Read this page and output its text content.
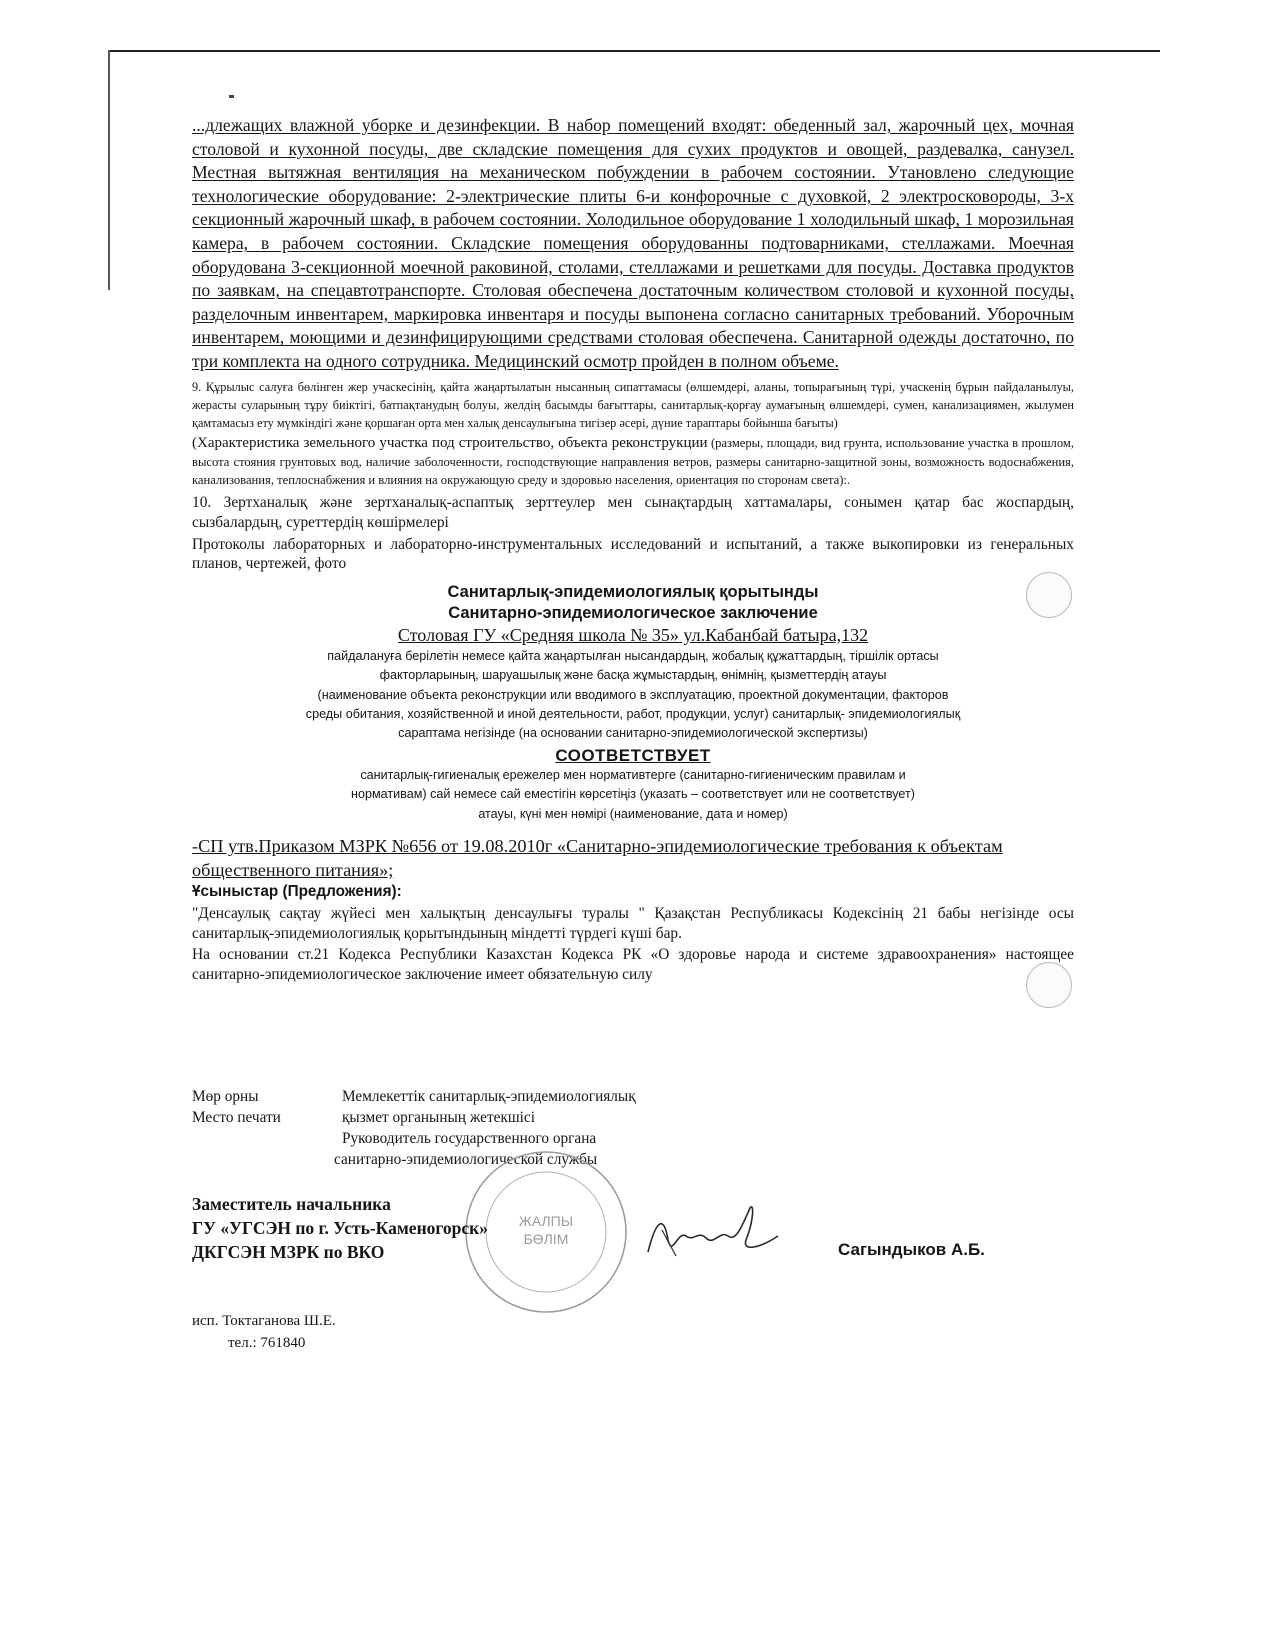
...длежащих влажной уборке и дезинфекции. В набор помещений входят: обеденный зал, жарочный цех, мочная столовой и кухонной посуды, две складские помещения для сухих продуктов и овощей, раздевалка, санузел. Местная вытяжная вентиляция на механическом побуждении в рабочем состоянии. Утановлено следующие технологические оборудование: 2-электрические плиты 6-и конфорочные с духовкой, 2 электросковороды, 3-х секционный жарочный шкаф, в рабочем состоянии. Холодильное оборудование 1 холодильный шкаф, 1 морозильная камера, в рабочем состоянии. Складские помещения оборудованны подтоварниками, стеллажами. Моечная оборудована 3-секционной моечной раковиной, столами, стеллажами и решетками для посуды. Доставка продуктов по заявкам, на спецавтотранспорте. Столовая обеспечена достаточным количеством столовой и кухонной посуды, разделочным инвентарем, маркировка инвентаря и посуды выпонена согласно санитарных требований. Уборочным инвентарем, моющими и дезинфицирующими средствами столовая обеспечена. Санитарной одежды достаточно, по три комплекта на одного сотрудника. Медицинский осмотр пройден в полном объеме.

9. Құрылыс салуға бөлінген жер учаскесінің, қайта жаңартылатын нысанның сипаттамасы (өлшемдері, аланы, топырағының түрі, учаскенің бұрын пайдаланылуы, жерасты суларының тұру биіктігі, батпақтанудың болуы, желдің басымды бағыттары, санитарлық-қорғау аумағының өлшемдері, сумен, канализациямен, жылумен қамтамасыз ету мүмкіндігі және қоршаған орта мен халық денсаулығына тигізер әсері, дүние тараптары бойынша бағыты)

(Характеристика земельного участка под строительство, объекта реконструкции (размеры, площади, вид грунта, использование участка в прошлом, высота стояния грунтовых вод, наличие заболоченности, господствующие направления ветров, размеры санитарно-защитной зоны, возможность водоснабжения, канализования, теплоснабжения и влияния на окружающую среду и здоровью населения, ориентация по сторонам света):.

10. Зертханалық және зертханалық-аспаптық зерттеулер мен сынақтардың хаттамалары, сонымен қатар бас жоспардың, сызбалардың, суреттердің көшірмелері

Протоколы лабораторных и лабораторно-инструментальных исследований и испытаний, а также выкопировки из генеральных планов, чертежей, фото

Санитарлық-эпидемиологиялық қорытынды

Санитарно-эпидемиологическое заключение

Столовая ГУ «Средняя школа № 35» ул.Кабанбай батыра,132

пайдалануға берілетін немесе қайта жаңартылған нысандардың, жобалық құжаттардың, тіршілік ортасы

факторларының, шаруашылық және басқа жұмыстардың, өнімнің, қызметтердің атауы

(наименование объекта реконструкции или вводимого в эксплуатацию, проектной документации, факторов

среды обитания, хозяйственной и иной деятельности, работ, продукции, услуг) санитарлық- эпидемиологиялық

сараптама негізінде (на основании санитарно-эпидемиологической экспертизы)

СООТВЕТСТВУЕТ

санитарлық-гигиеналық ережелер мен нормативтерге (санитарно-гигиеническим правилам и

нормативам) сай немесе сай еместігін көрсетіңіз (указать – соответствует или не соответствует)

атауы, күні мен нөмірі (наименование, дата и номер)

-СП утв.Приказом МЗРК №656 от 19.08.2010г «Санитарно-эпидемиологические требования к объектам общественного питания»;

Ұсыныстар (Предложения):

"Денсаулық сақтау жүйесі мен халықтың денсаулығы туралы " Қазақстан Республикасы Кодексінің 21 бабы негізінде осы санитарлық-эпидемиологиялық қорытындының міндетті түрдегі күші бар.

На основании ст.21 Кодекса Республики Казахстан Кодекса РК «О здоровье народа и системе здравоохранения» настоящее санитарно-эпидемиологическое заключение имеет обязательную силу

Мөр орны	Мемлекеттік санитарлық-эпидемиологиялық
Место печати	қызмет органының жетекшісі
Руководитель государственного органа
санитарно-эпидемиологической службы
ЖАЛПЫ
БӨЛІМ
Заместитель начальника
ГУ «УГСЭН по г. Усть-Каменогорск»
ДКГСЭН МЗРК по ВКО	Сагындыков А.Б.
исп. Токтаганова Ш.Е.
тел.: 761840
